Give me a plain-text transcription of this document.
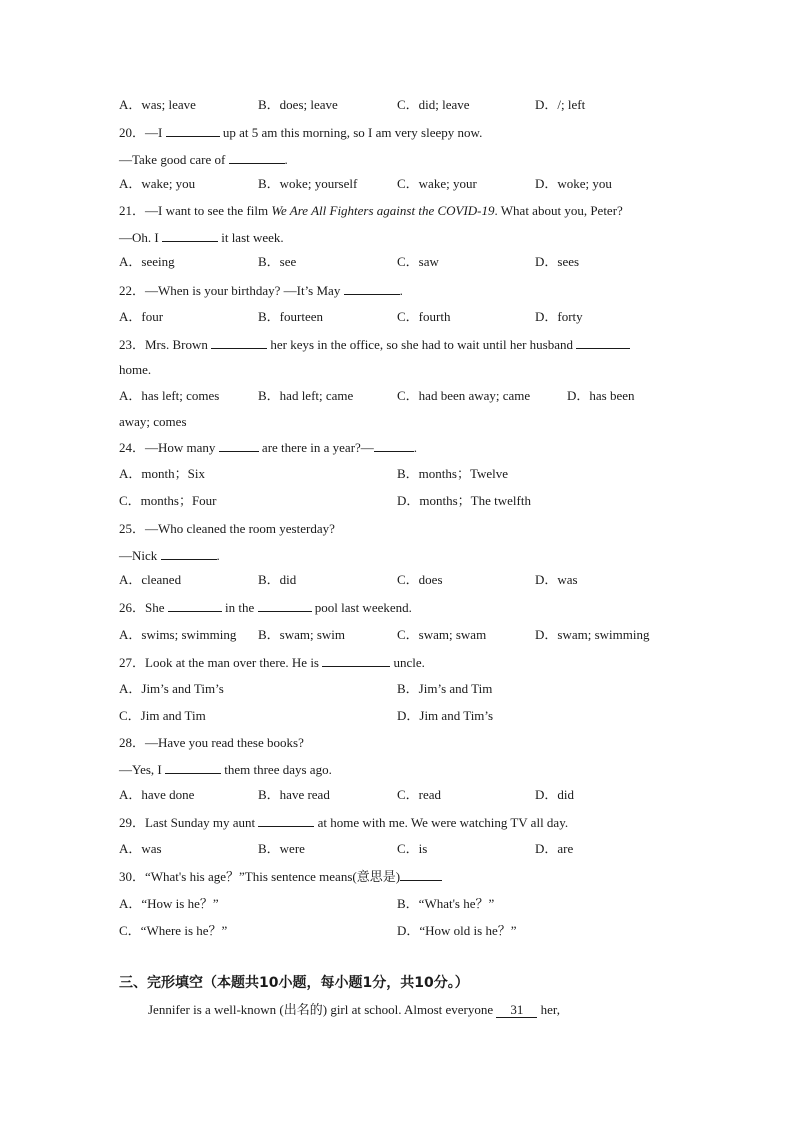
A．was; leave	B．does; leave	C．did; leave	D．/; left
20．—I	up at 5 am this morning, so I am very sleepy now.
—Take good care of	.
A．wake; you	B．woke; yourself	C．wake; your	D．woke; you
21．—I want to see the film We Are All Fighters against the COVID-19. What about you, Peter?
—Oh. I	it last week.
A．seeing	B．see	C．saw	D．sees
22．—When is your birthday? —It’s May	.
A．four	B．fourteen	C．fourth	D．forty
23．Mrs. Brown	her keys in the office, so she had to wait until her husband
home.
A．has left; comes	B．had left; came	C．had been away; came	D．has been
away; comes
24．—How many	are there in a year?—	.
A．month；Six	B．months；Twelve
C．months；Four	D．months；The twelfth
25．—Who cleaned the room yesterday?
—Nick	.
A．cleaned	B．did	C．does	D．was
26．She	in the	pool last weekend.
A．swims; swimming B．swam; swim	C．swam; swam	D．swam; swimming
27．Look at the man over there. He is	uncle.
A．Jim’s and Tim’s	B．Jim’s and Tim
C．Jim and Tim	D．Jim and Tim’s
28．—Have you read these books?
—Yes, I	them three days ago.
A．have done	B．have read	C．read	D．did
29．Last Sunday my aunt	at home with me. We were watching TV all day.
A．was	B．were	C．is	D．are
30．“What's his age？”This sentence means(意思是)
A．“How is he？”	B．“What's he？”
C．“Where is he？”	D．“How old is he？”
三、完形填空（本题共10小题，每小题1分，共10分。）
Jennifer is a well-known (出名的) girl at school. Almost everyone 31 her,
